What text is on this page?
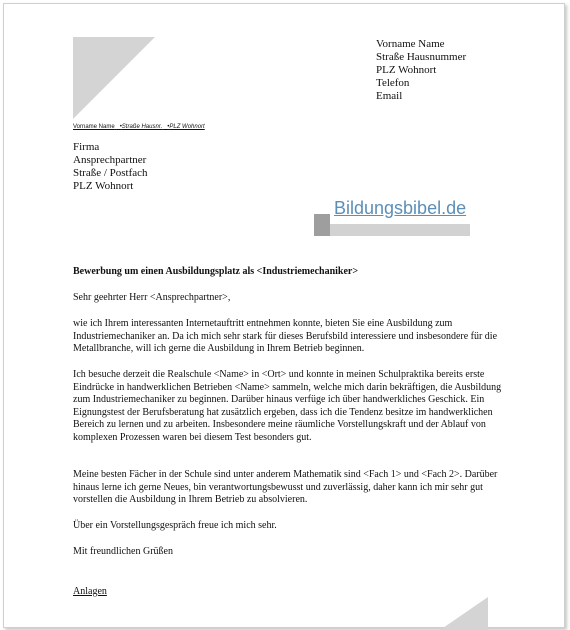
Vorname Name
Straße Hausnummer
PLZ Wohnort
Telefon
Email
Vorname Name   •Straße Hausnr.   •PLZ Wohnort
Firma
Ansprechpartner
Straße / Postfach
PLZ Wohnort
Bildungsbibel.de
Bewerbung um einen Ausbildungsplatz als <Industriemechaniker>
Sehr geehrter Herr <Ansprechpartner>,
wie ich Ihrem interessanten Internetauftritt entnehmen konnte, bieten Sie eine Ausbildung zum Industriemechaniker an. Da ich mich sehr stark für dieses Berufsbild interessiere und insbesondere für die Metallbranche, will ich gerne die Ausbildung in Ihrem Betrieb beginnen.
Ich besuche derzeit die Realschule <Name> in <Ort> und konnte in meinen Schulpraktika bereits erste Eindrücke in handwerklichen Betrieben <Name> sammeln, welche mich darin bekräftigen, die Ausbildung zum Industriemechaniker zu beginnen. Darüber hinaus verfüge ich über handwerkliches Geschick. Ein Eignungstest der Berufsberatung hat zusätzlich ergeben, dass ich die Tendenz besitze im handwerklichen Bereich zu lernen und zu arbeiten. Insbesondere meine räumliche Vorstellungskraft und der Ablauf von komplexen Prozessen waren bei diesem Test besonders gut.
Meine besten Fächer in der Schule sind unter anderem Mathematik sind <Fach 1> und <Fach 2>. Darüber hinaus lerne ich gerne Neues, bin verantwortungsbewusst und zuverlässig, daher kann ich mir sehr gut vorstellen die Ausbildung in Ihrem Betrieb zu absolvieren.
Über ein Vorstellungsgespräch freue ich mich sehr.
Mit freundlichen Grüßen
Anlagen
